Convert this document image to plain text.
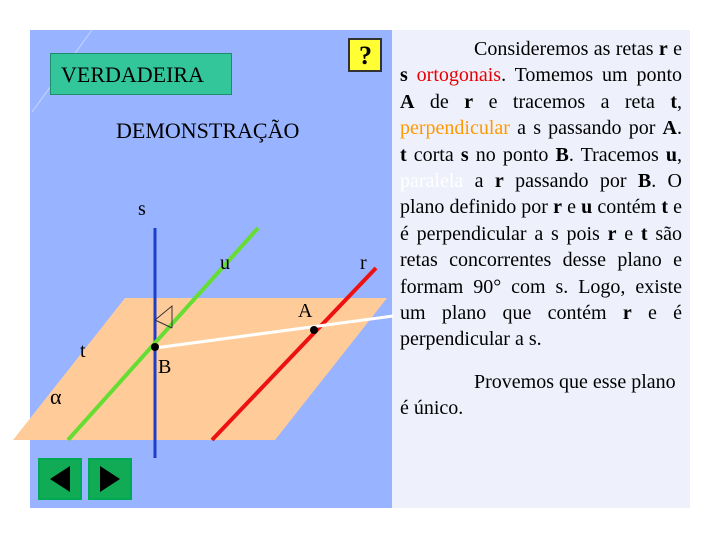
VERDADEIRA
?
DEMONSTRAÇÃO
s
u	r
A
t
B
α

Consideremos as retas r e s ortogonais. Tomemos um ponto A de r e tracemos a reta t, perpendicular a s passando por A. t corta s no ponto B. Tracemos u, paralela a r passando por B. O plano definido por r e u contém t e é perpendicular a s pois r e t são retas concorrentes desse plano e formam 90° com s. Logo, existe um plano que contém r e é perpendicular a s.

Provemos que esse plano é único.
